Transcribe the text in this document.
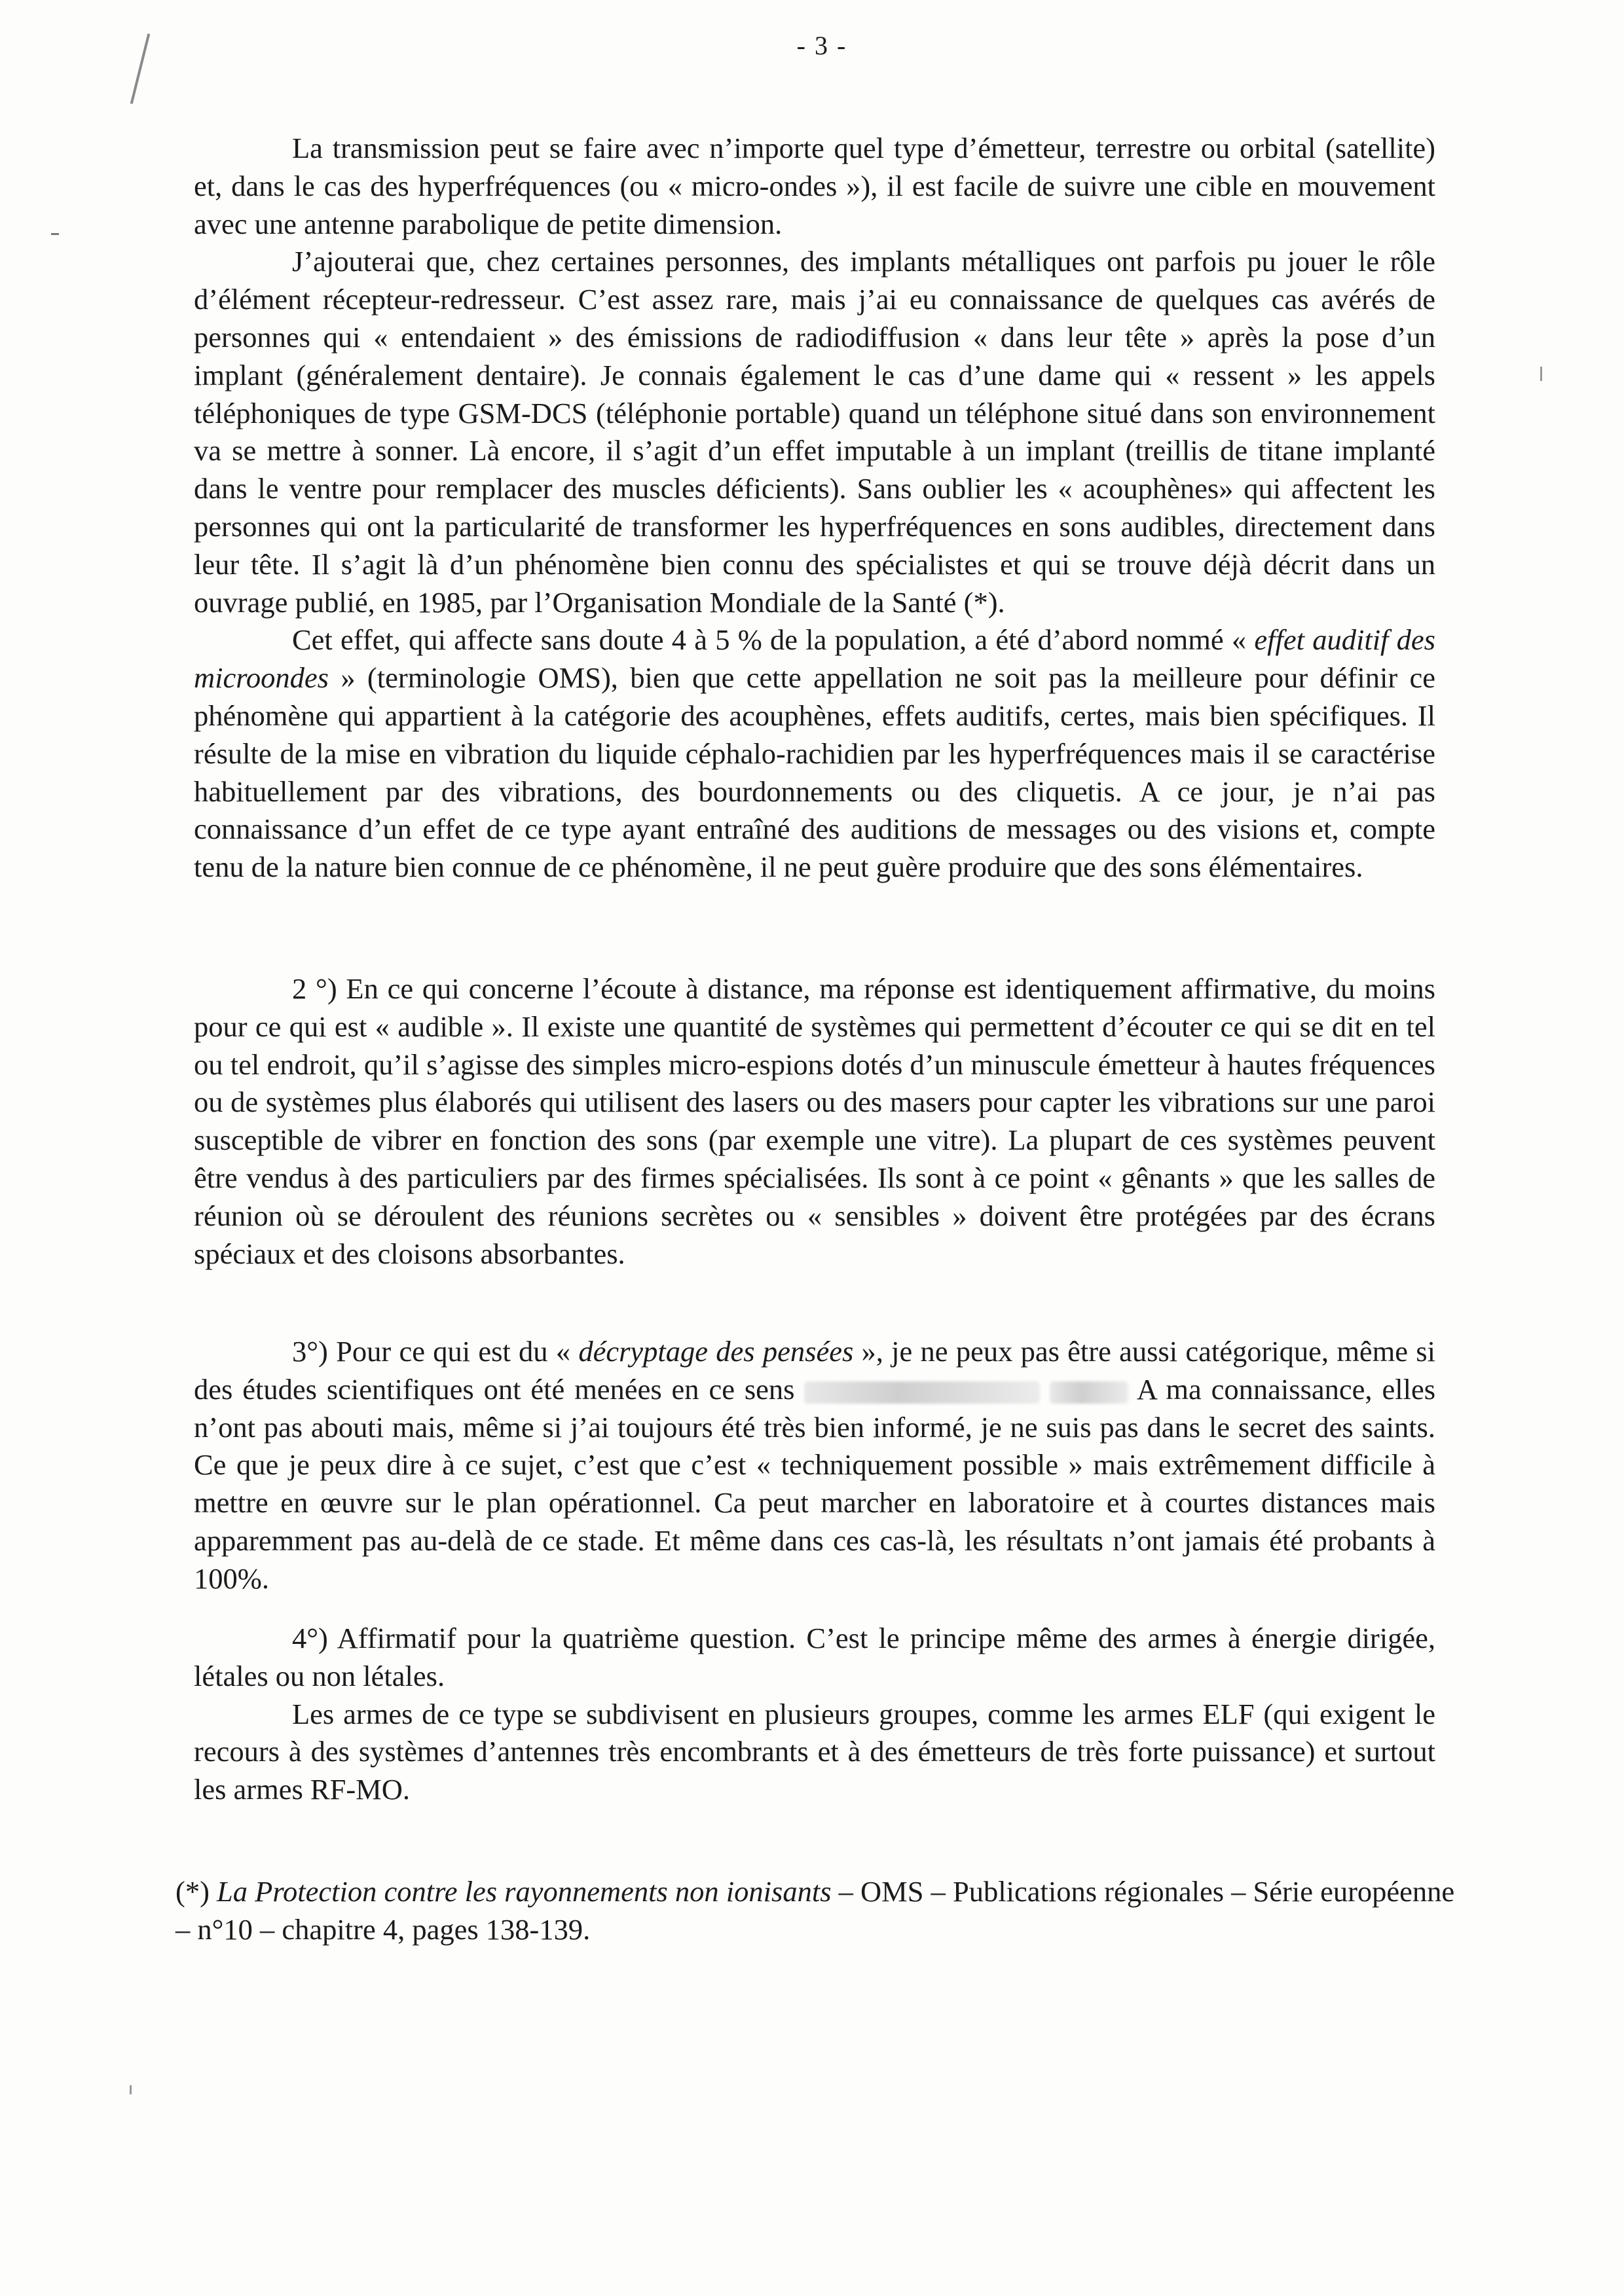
- 3 -

La transmission peut se faire avec n’importe quel type d’émetteur, terrestre ou orbital (satellite) et, dans le cas des hyperfréquences (ou « micro-ondes »), il est facile de suivre une cible en mouvement avec une antenne parabolique de petite dimension.

J’ajouterai que, chez certaines personnes, des implants métalliques ont parfois pu jouer le rôle d’élément récepteur-redresseur. C’est assez rare, mais j’ai eu connaissance de quelques cas avérés de personnes qui « entendaient » des émissions de radiodiffusion « dans leur tête » après la pose d’un implant (généralement dentaire). Je connais également le cas d’une dame qui « ressent » les appels téléphoniques de type GSM-DCS (téléphonie portable) quand un téléphone situé dans son environnement va se mettre à sonner. Là encore, il s’agit d’un effet imputable à un implant (treillis de titane implanté dans le ventre pour remplacer des muscles déficients). Sans oublier les « acouphènes» qui affectent les personnes qui ont la particularité de transformer les hyperfréquences en sons audibles, directement dans leur tête. Il s’agit là d’un phénomène bien connu des spécialistes et qui se trouve déjà décrit dans un ouvrage publié, en 1985, par l’Organisation Mondiale de la Santé (*).

Cet effet, qui affecte sans doute 4 à 5 % de la population, a été d’abord nommé « effet auditif des microondes » (terminologie OMS), bien que cette appellation ne soit pas la meilleure pour définir ce phénomène qui appartient à la catégorie des acouphènes, effets auditifs, certes, mais bien spécifiques. Il résulte de la mise en vibration du liquide céphalo-rachidien par les hyperfréquences mais il se caractérise habituellement par des vibrations, des bourdonnements ou des cliquetis. A ce jour, je n’ai pas connaissance d’un effet de ce type ayant entraîné des auditions de messages ou des visions et, compte tenu de la nature bien connue de ce phénomène, il ne peut guère produire que des sons élémentaires.

2 °) En ce qui concerne l’écoute à distance, ma réponse est identiquement affirmative, du moins pour ce qui est « audible ». Il existe une quantité de systèmes qui permettent d’écouter ce qui se dit en tel ou tel endroit, qu’il s’agisse des simples micro-espions dotés d’un minuscule émetteur à hautes fréquences ou de systèmes plus élaborés qui utilisent des lasers ou des masers pour capter les vibrations sur une paroi susceptible de vibrer en fonction des sons (par exemple une vitre). La plupart de ces systèmes peuvent être vendus à des particuliers par des firmes spécialisées. Ils sont à ce point « gênants » que les salles de réunion où se déroulent des réunions secrètes ou « sensibles » doivent être protégées par des écrans spéciaux et des cloisons absorbantes.

3°) Pour ce qui est du « décryptage des pensées », je ne peux pas être aussi catégorique, même si des études scientifiques ont été menées en ce sens	A ma connaissance, elles n’ont pas abouti mais, même si j’ai toujours été très bien informé, je ne suis pas dans le secret des saints. Ce que je peux dire à ce sujet, c’est que c’est « techniquement possible » mais extrêmement difficile à mettre en œuvre sur le plan opérationnel. Ca peut marcher en laboratoire et à courtes distances mais apparemment pas au-delà de ce stade. Et même dans ces cas-là, les résultats n’ont jamais été probants à 100%.

4°) Affirmatif pour la quatrième question. C’est le principe même des armes à énergie dirigée, létales ou non létales.

Les armes de ce type se subdivisent en plusieurs groupes, comme les armes ELF (qui exigent le recours à des systèmes d’antennes très encombrants et à des émetteurs de très forte puissance) et surtout les armes RF-MO.

(*) La Protection contre les rayonnements non ionisants – OMS – Publications régionales – Série européenne – n°10 – chapitre 4, pages 138-139.
